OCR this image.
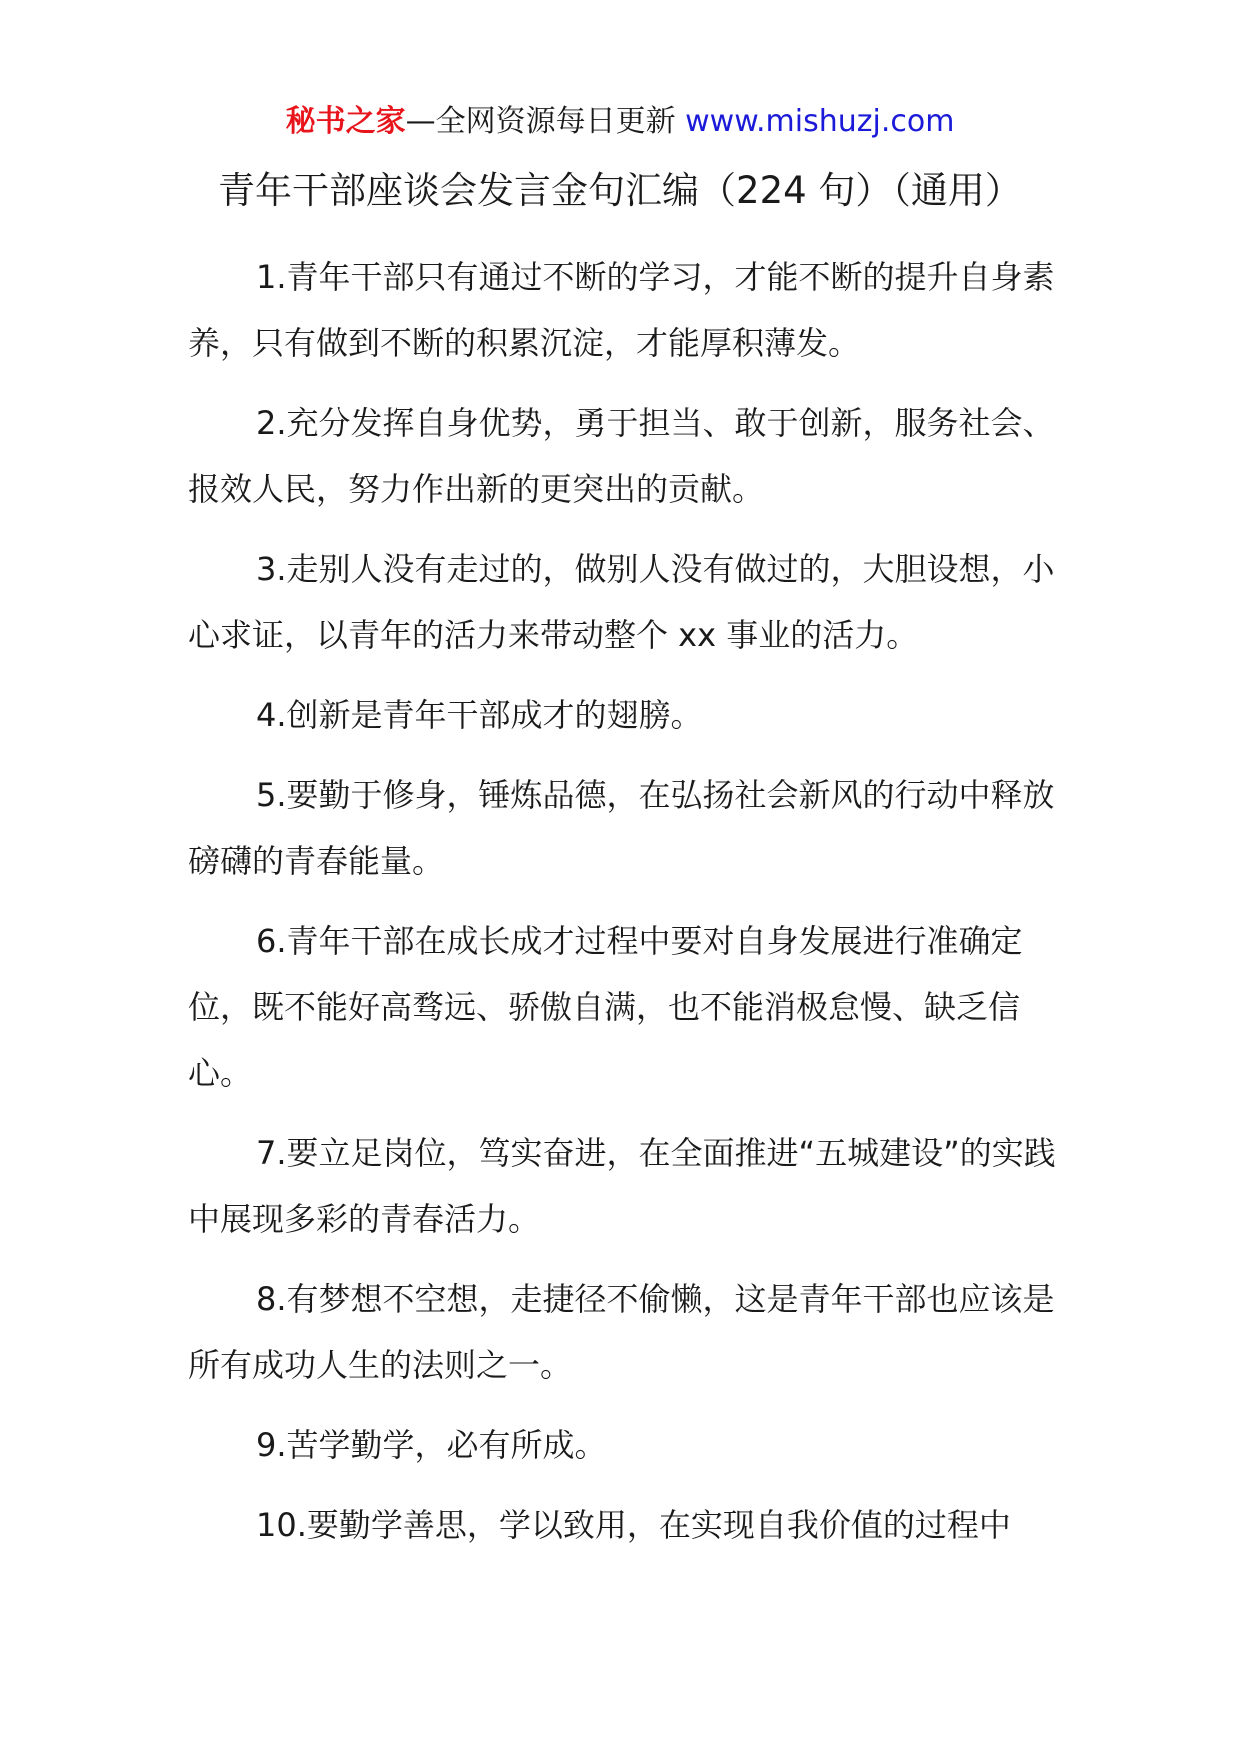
秘书之家—全网资源每日更新 www.mishuzj.com
青年干部座谈会发言金句汇编（224 句）（通用）

1.青年干部只有通过不断的学习，才能不断的提升自身素养，只有做到不断的积累沉淀，才能厚积薄发。

2.充分发挥自身优势，勇于担当、敢于创新，服务社会、报效人民，努力作出新的更突出的贡献。

3.走别人没有走过的，做别人没有做过的，大胆设想，小心求证，以青年的活力来带动整个 xx 事业的活力。

4.创新是青年干部成才的翅膀。

5.要勤于修身，锤炼品德，在弘扬社会新风的行动中释放磅礴的青春能量。

6.青年干部在成长成才过程中要对自身发展进行准确定位，既不能好高骛远、骄傲自满，也不能消极怠慢、缺乏信心。

7.要立足岗位，笃实奋进，在全面推进“五城建设”的实践中展现多彩的青春活力。

8.有梦想不空想，走捷径不偷懒，这是青年干部也应该是所有成功人生的法则之一。

9.苦学勤学，必有所成。

10.要勤学善思，学以致用，在实现自我价值的过程中
